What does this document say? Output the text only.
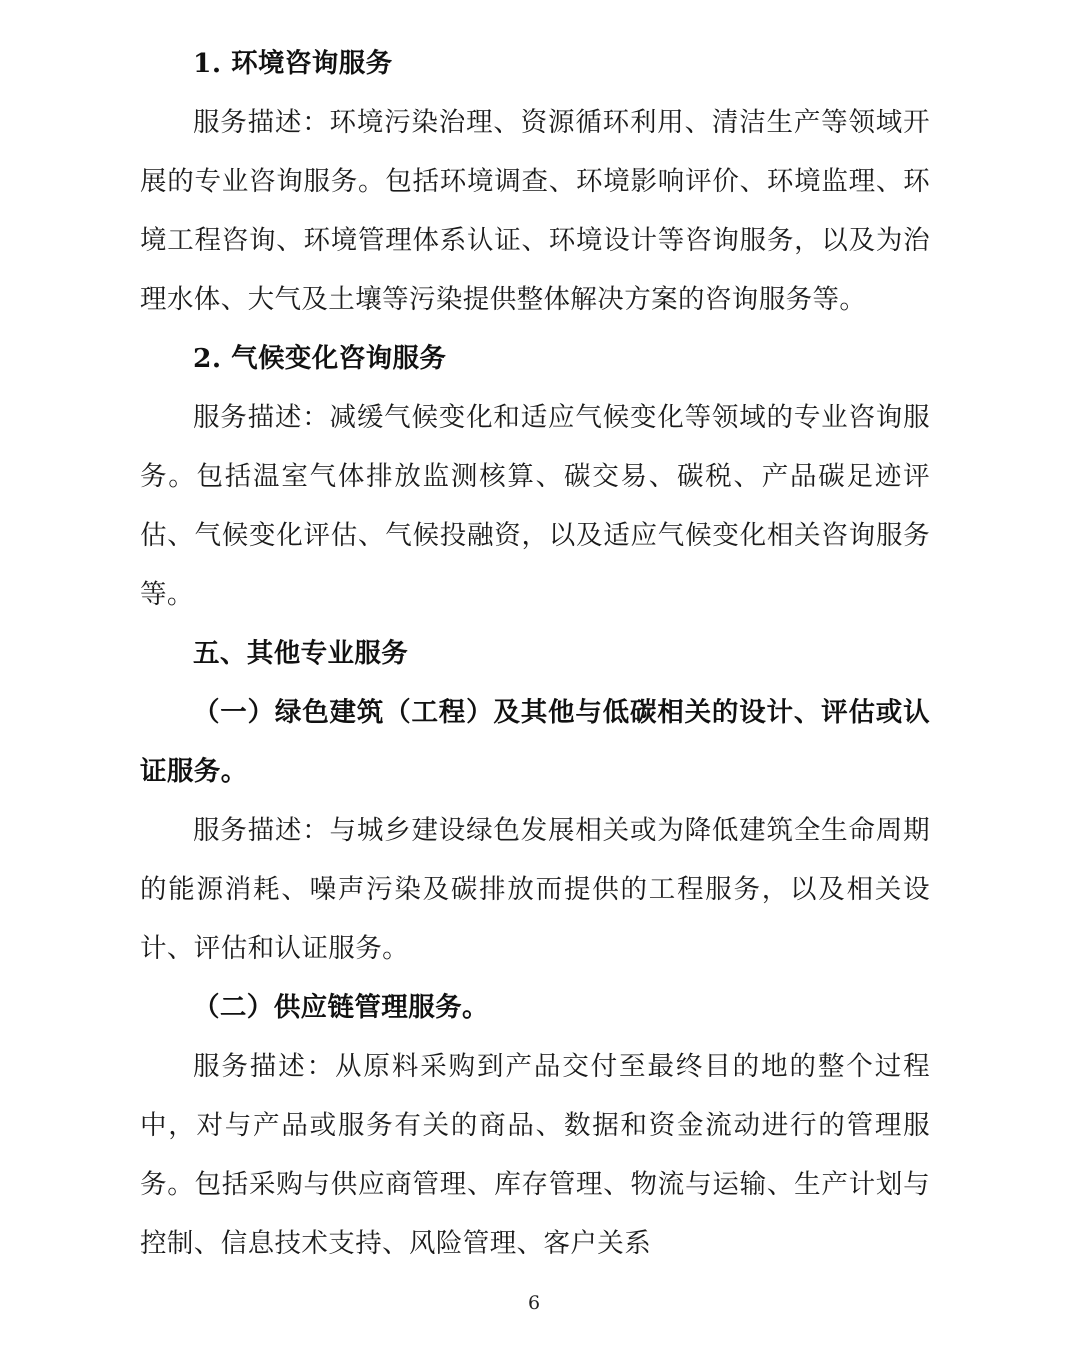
1. 环境咨询服务
服务描述：环境污染治理、资源循环利用、清洁生产等领域开展的专业咨询服务。包括环境调查、环境影响评价、环境监理、环境工程咨询、环境管理体系认证、环境设计等咨询服务，以及为治理水体、大气及土壤等污染提供整体解决方案的咨询服务等。
2. 气候变化咨询服务
服务描述：减缓气候变化和适应气候变化等领域的专业咨询服务。包括温室气体排放监测核算、碳交易、碳税、产品碳足迹评估、气候变化评估、气候投融资，以及适应气候变化相关咨询服务等。
五、其他专业服务
（一）绿色建筑（工程）及其他与低碳相关的设计、评估或认证服务。
服务描述：与城乡建设绿色发展相关或为降低建筑全生命周期的能源消耗、噪声污染及碳排放而提供的工程服务，以及相关设计、评估和认证服务。
（二）供应链管理服务。
服务描述：从原料采购到产品交付至最终目的地的整个过程中，对与产品或服务有关的商品、数据和资金流动进行的管理服务。包括采购与供应商管理、库存管理、物流与运输、生产计划与控制、信息技术支持、风险管理、客户关系
6
